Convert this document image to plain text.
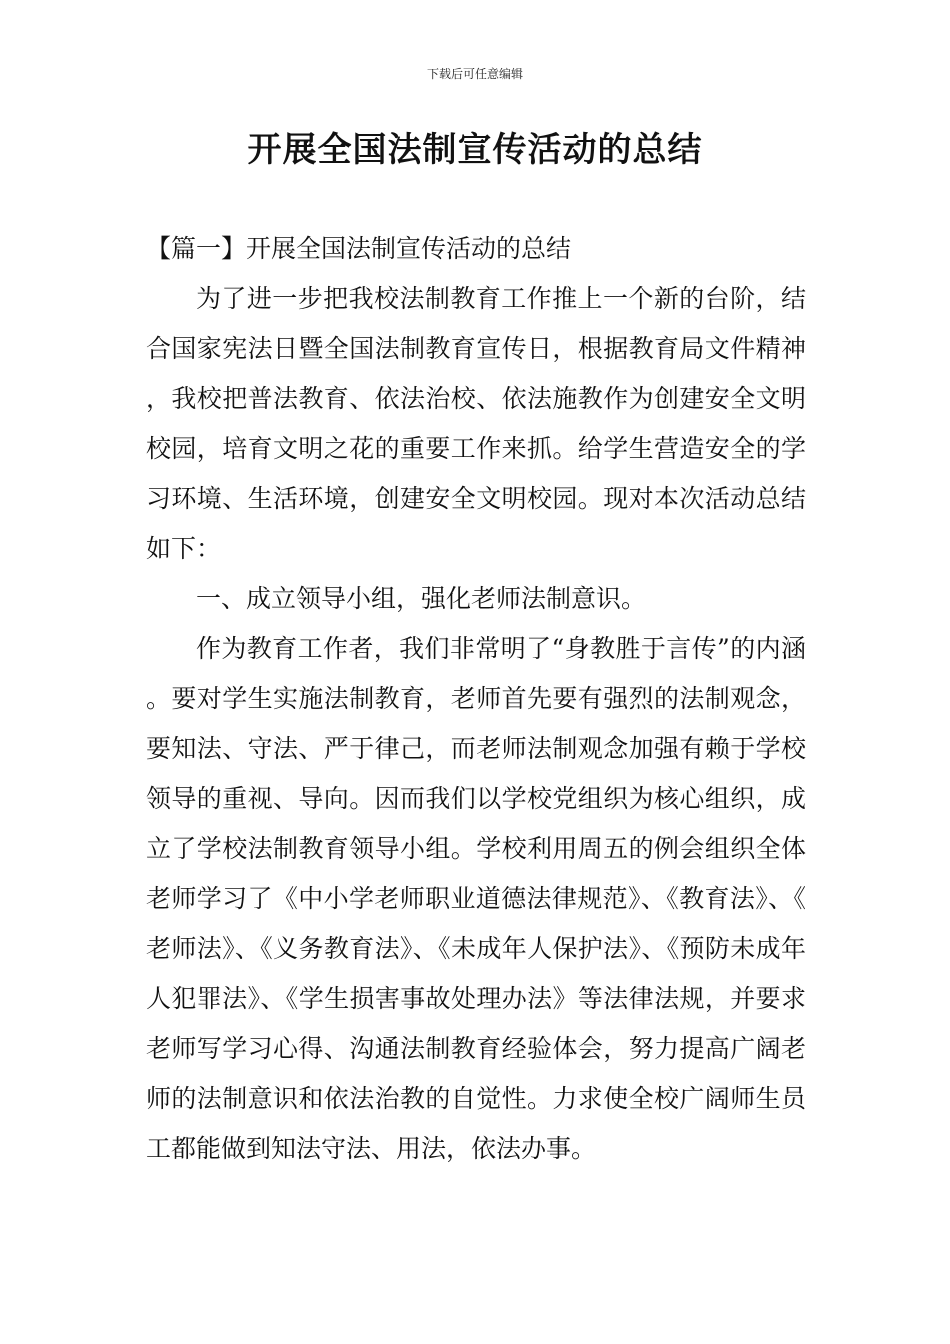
下载后可任意编辑
开展全国法制宣传活动的总结
【篇一】开展全国法制宣传活动的总结

为了进一步把我校法制教育工作推上一个新的台阶，结合国家宪法日暨全国法制教育宣传日，根据教育局文件精神，我校把普法教育、依法治校、依法施教作为创建安全文明校园，培育文明之花的重要工作来抓。给学生营造安全的学习环境、生活环境，创建安全文明校园。现对本次活动总结如下：

一、成立领导小组，强化老师法制意识。

作为教育工作者，我们非常明了“身教胜于言传”的内涵。要对学生实施法制教育，老师首先要有强烈的法制观念，要知法、守法、严于律己，而老师法制观念加强有赖于学校领导的重视、导向。因而我们以学校党组织为核心组织，成立了学校法制教育领导小组。学校利用周五的例会组织全体老师学习了《中小学老师职业道德法律规范》、《教育法》、《老师法》、《义务教育法》、《未成年人保护法》、《预防未成年人犯罪法》、《学生损害事故处理办法》等法律法规，并要求老师写学习心得、沟通法制教育经验体会，努力提高广阔老师的法制意识和依法治教的自觉性。力求使全校广阔师生员工都能做到知法守法、用法，依法办事。
